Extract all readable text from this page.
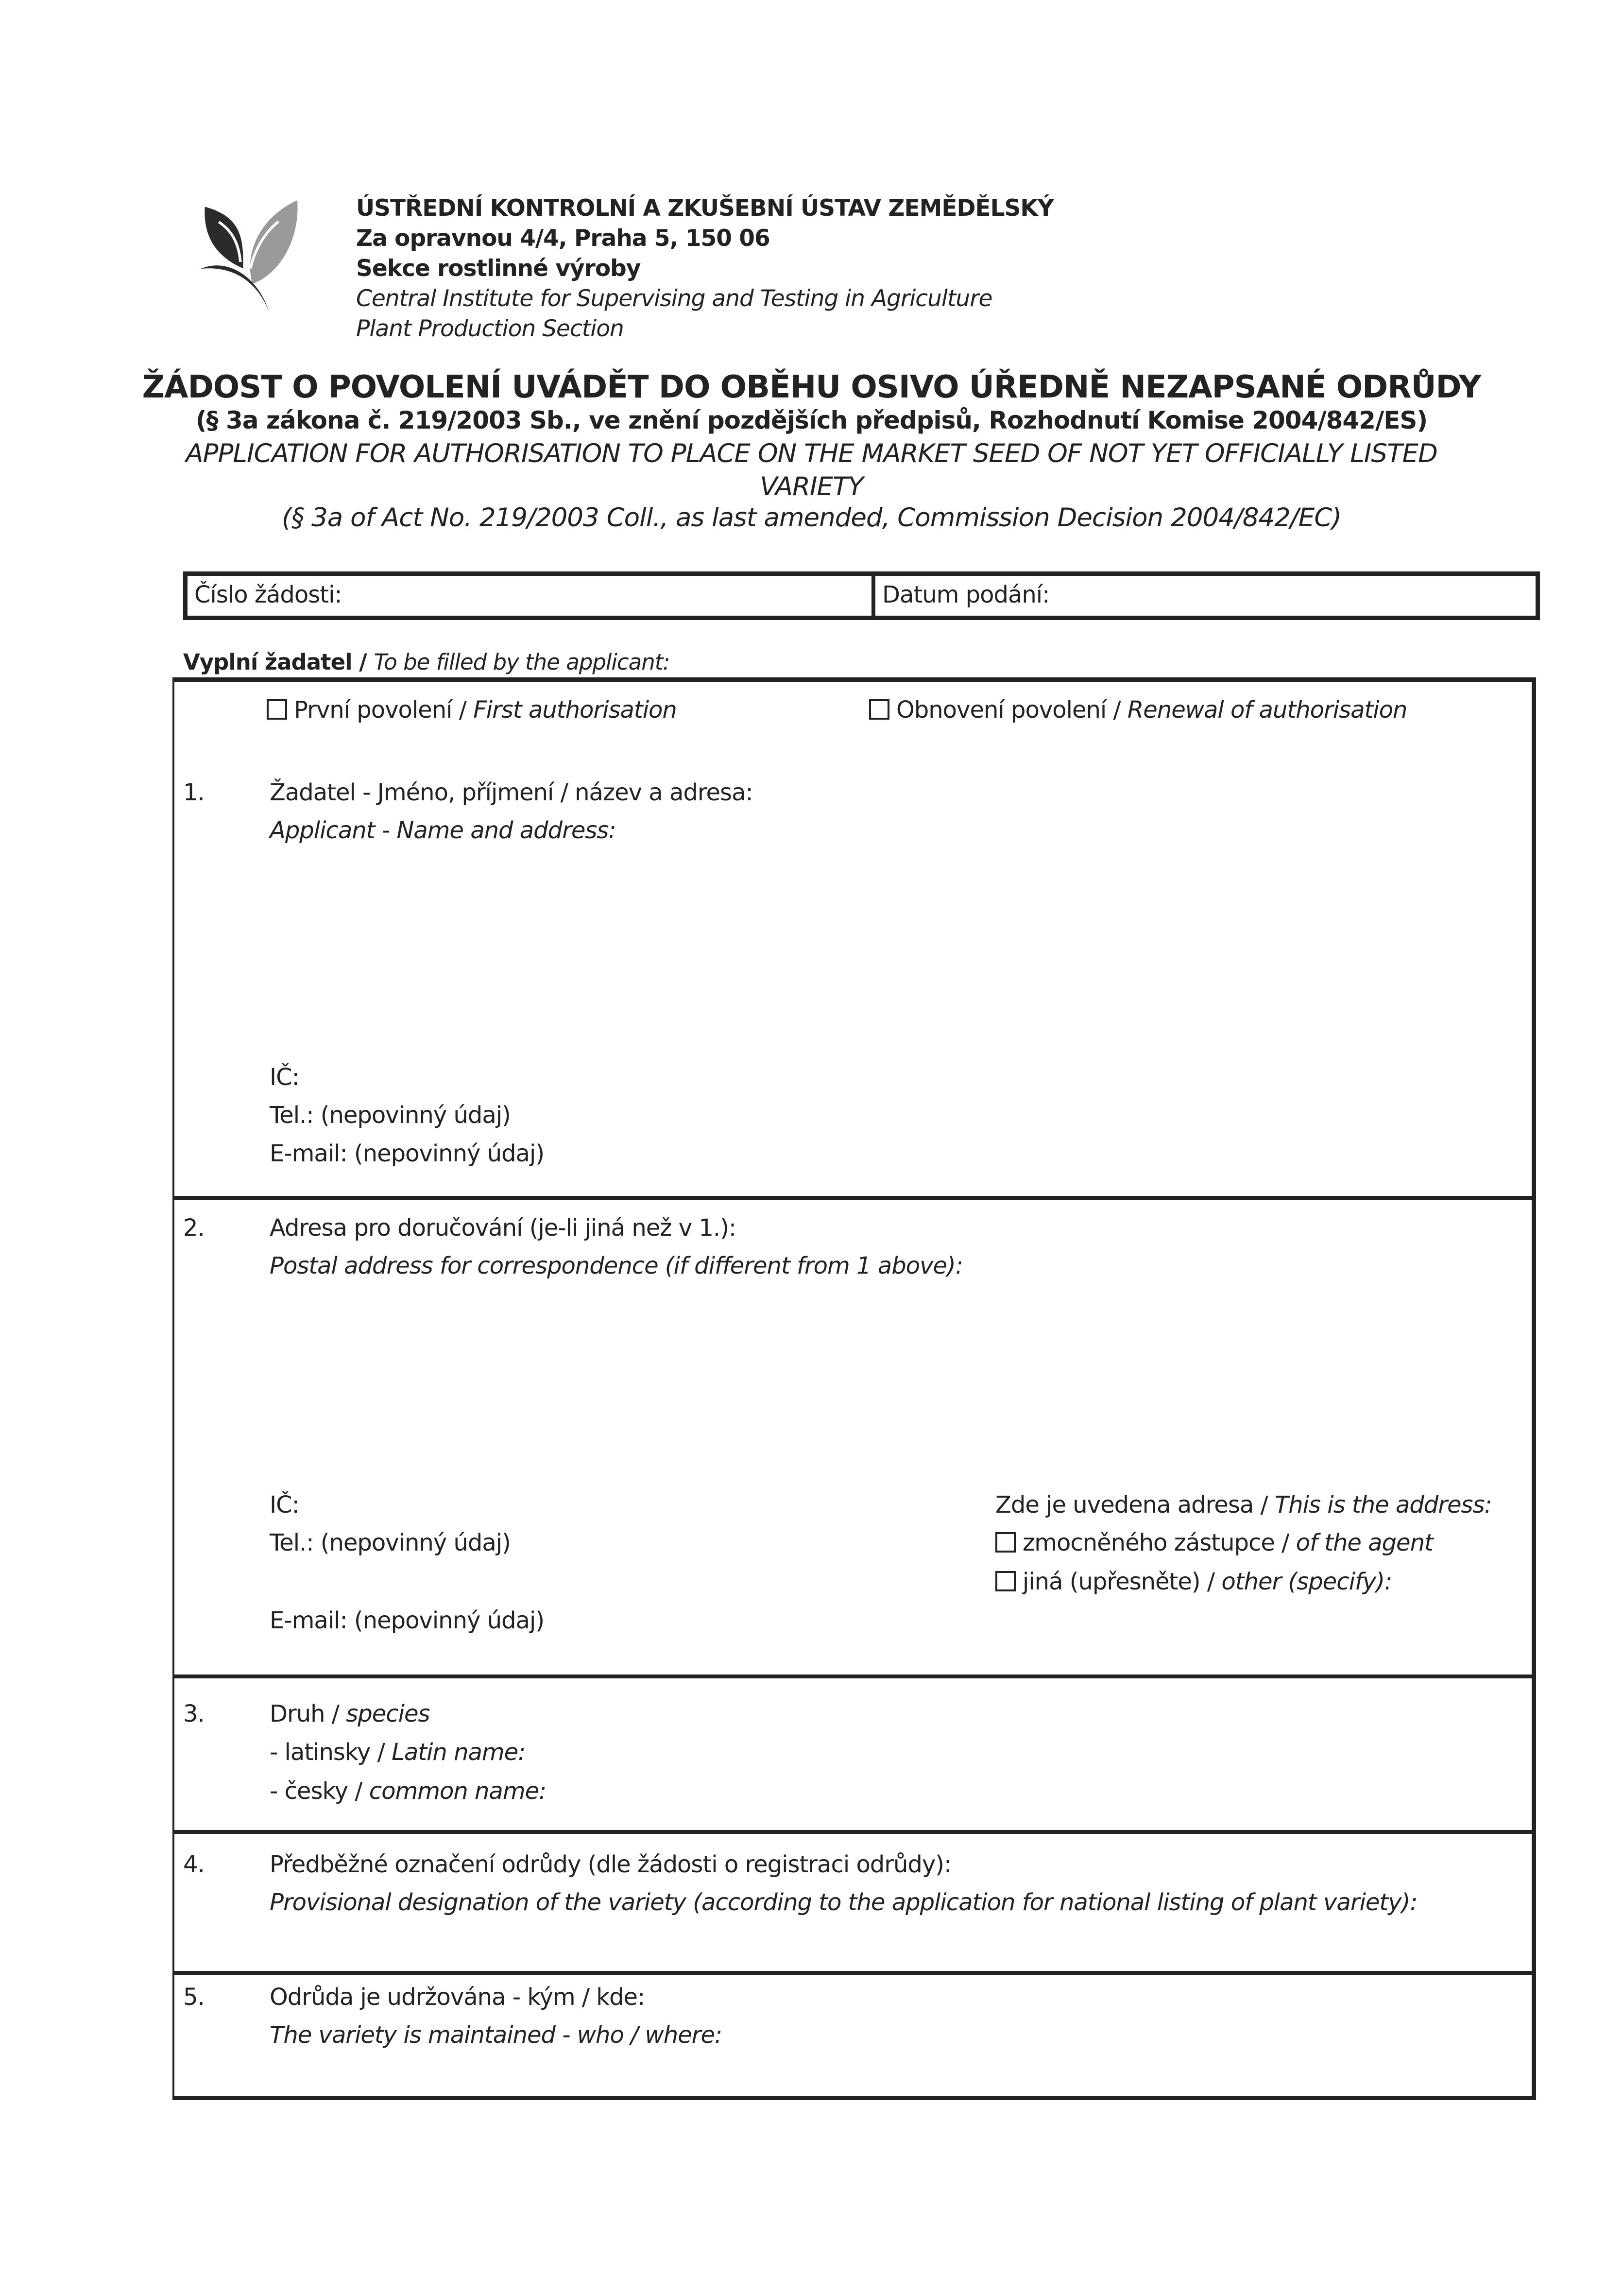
ÚSTŘEDNÍ KONTROLNÍ A ZKUŠEBNÍ ÚSTAV ZEMĚDĚLSKÝ
Za opravnou 4/4, Praha 5, 150 06
Sekce rostlinné výroby
Central Institute for Supervising and Testing in Agriculture
Plant Production Section
ŽÁDOST O POVOLENÍ UVÁDĚT DO OBĚHU OSIVO ÚŘEDNĚ NEZAPSANÉ ODRŮDY
(§ 3a zákona č. 219/2003 Sb., ve znění pozdějších předpisů, Rozhodnutí Komise 2004/842/ES)
APPLICATION FOR AUTHORISATION TO PLACE ON THE MARKET SEED OF NOT YET OFFICIALLY LISTED
VARIETY
(§ 3a of Act No. 219/2003 Coll., as last amended, Commission Decision 2004/842/EC)
Číslo žádosti:	Datum podání:
Vyplní žadatel / To be filled by the applicant:
První povolení / First authorisation	Obnovení povolení / Renewal of authorisation
1.	Žadatel - Jméno, příjmení / název a adresa:
Applicant - Name and address:
IČ:
Tel.: (nepovinný údaj)
E-mail: (nepovinný údaj)
2.	Adresa pro doručování (je-li jiná než v 1.):
Postal address for correspondence (if different from 1 above):
IČ:
Tel.: (nepovinný údaj)
E-mail: (nepovinný údaj)
Zde je uvedena adresa / This is the address:
zmocněného zástupce / of the agent
jiná (upřesněte) / other (specify):
3.	Druh / species
- latinsky / Latin name:
- česky / common name:
4.	Předběžné označení odrůdy (dle žádosti o registraci odrůdy):
Provisional designation of the variety (according to the application for national listing of plant variety):
5.	Odrůda je udržována - kým / kde:
The variety is maintained - who / where:
